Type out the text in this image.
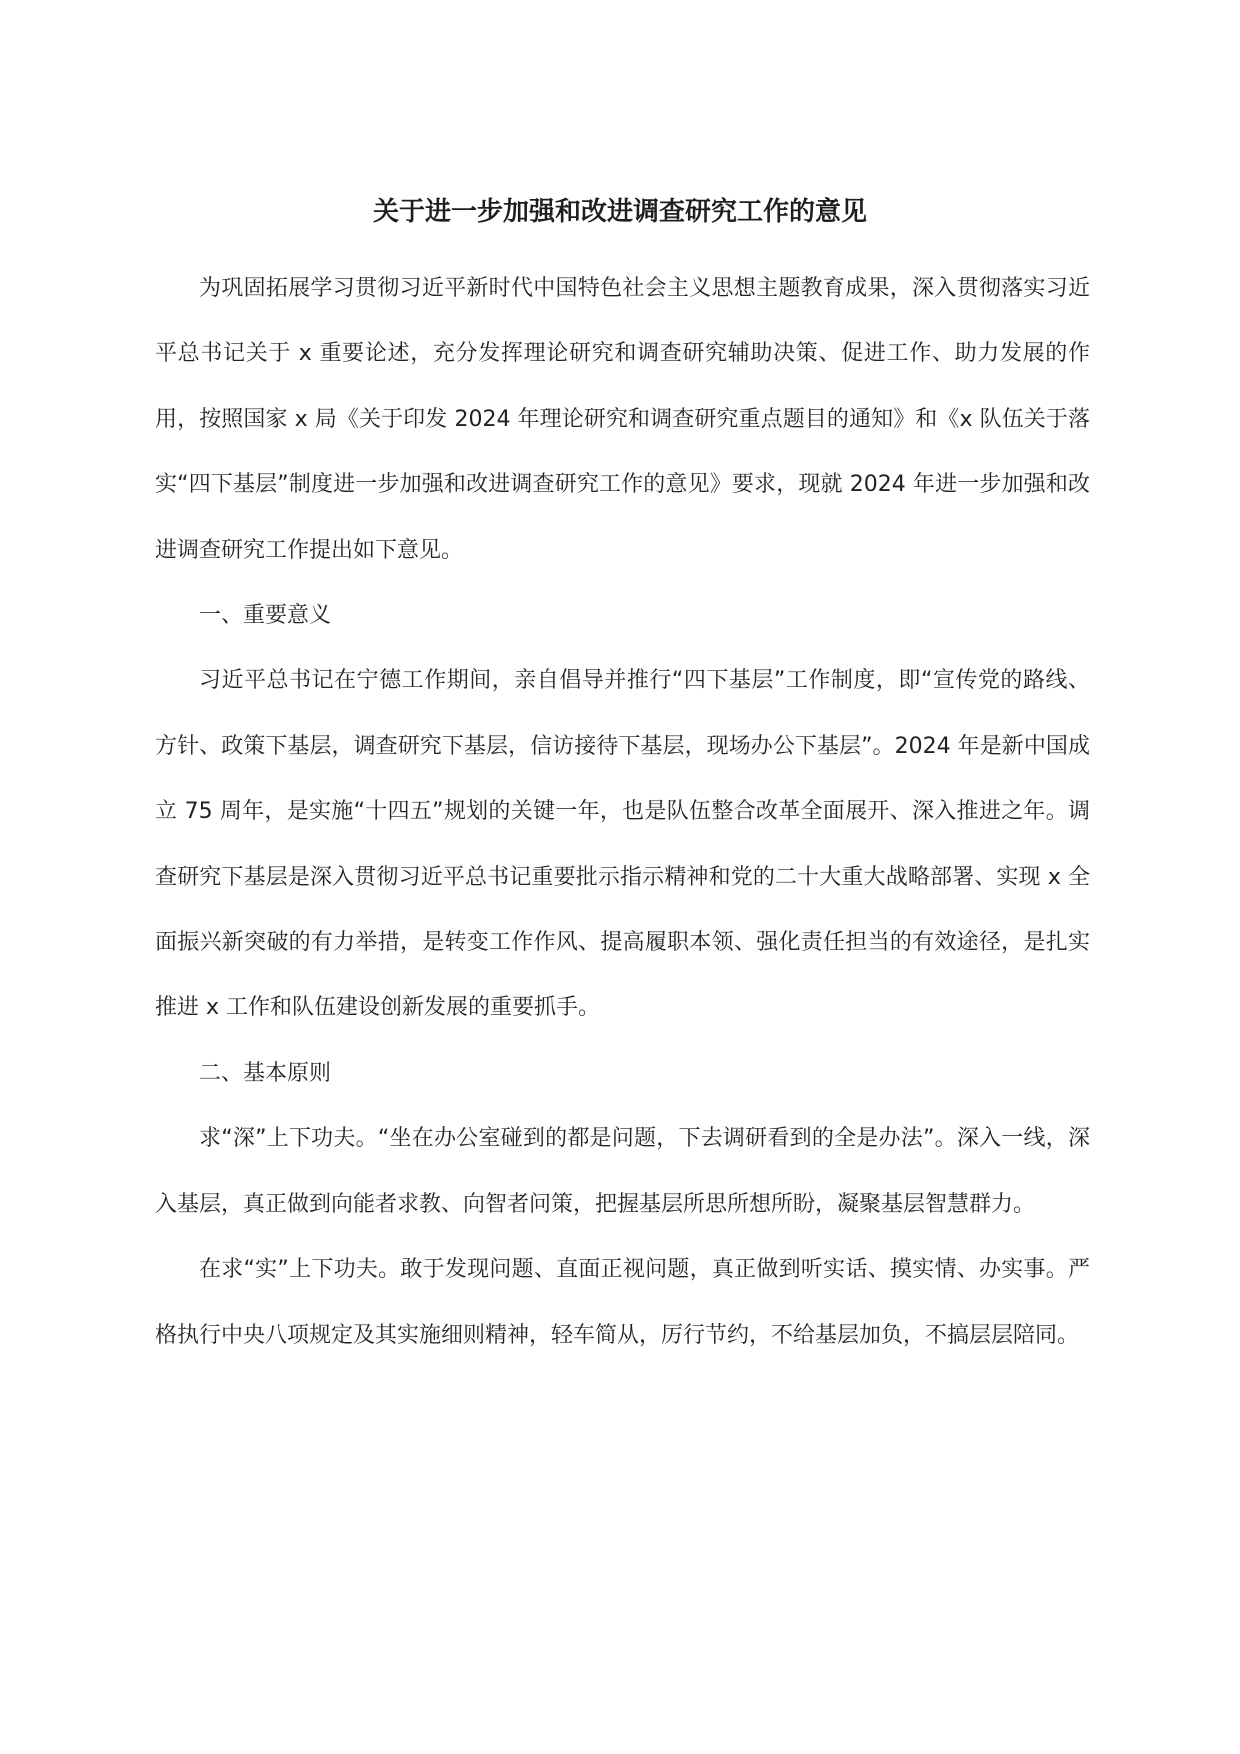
关于进一步加强和改进调查研究工作的意见

为巩固拓展学习贯彻习近平新时代中国特色社会主义思想主题教育成果，深入贯彻落实习近平总书记关于 x 重要论述，充分发挥理论研究和调查研究辅助决策、促进工作、助力发展的作用，按照国家 x 局《关于印发 2024 年理论研究和调查研究重点题目的通知》和《x 队伍关于落实“四下基层”制度进一步加强和改进调查研究工作的意见》要求，现就 2024 年进一步加强和改进调查研究工作提出如下意见。

一、重要意义

习近平总书记在宁德工作期间，亲自倡导并推行“四下基层”工作制度，即“宣传党的路线、方针、政策下基层，调查研究下基层，信访接待下基层，现场办公下基层”。2024 年是新中国成立 75 周年，是实施“十四五”规划的关键一年，也是队伍整合改革全面展开、深入推进之年。调查研究下基层是深入贯彻习近平总书记重要批示指示精神和党的二十大重大战略部署、实现 x 全面振兴新突破的有力举措，是转变工作作风、提高履职本领、强化责任担当的有效途径，是扎实推进 x 工作和队伍建设创新发展的重要抓手。

二、基本原则

求“深”上下功夫。“坐在办公室碰到的都是问题，下去调研看到的全是办法”。深入一线，深入基层，真正做到向能者求教、向智者问策，把握基层所思所想所盼，凝聚基层智慧群力。

在求“实”上下功夫。敢于发现问题、直面正视问题，真正做到听实话、摸实情、办实事。严格执行中央八项规定及其实施细则精神，轻车简从，厉行节约，不给基层加负，不搞层层陪同。
